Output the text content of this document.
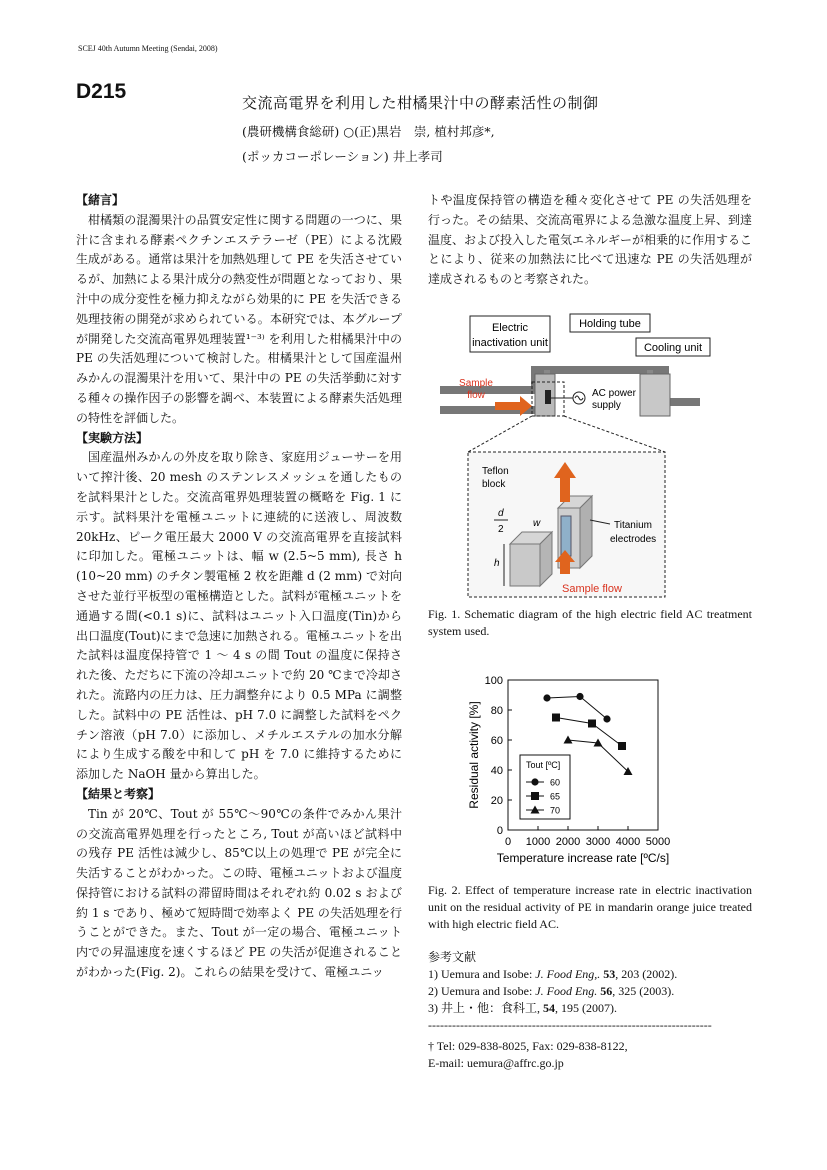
SCEJ 40th Autumn Meeting (Sendai, 2008)
D215	交流高電界を利用した柑橘果汁中の酵素活性の制御
(農研機構食総研) ○(正)黒岩　崇, 植村邦彦*,
(ポッカコーポレーション) 井上孝司

【緒言】

柑橘類の混濁果汁の品質安定性に関する問題の一つに、果汁に含まれる酵素ペクチンエステラーゼ（PE）による沈殿生成がある。通常は果汁を加熱処理して PE を失活させているが、加熱による果汁成分の熱変性が問題となっており、果汁中の成分変性を極力抑えながら効果的に PE を失活できる処理技術の開発が求められている。本研究では、本グループが開発した交流高電界処理装置¹⁻³⁾ を利用した柑橘果汁中の PE の失活処理について検討した。柑橘果汁として国産温州みかんの混濁果汁を用いて、果汁中の PE の失活挙動に対する種々の操作因子の影響を調べ、本装置による酵素失活処理の特性を評価した。

【実験方法】

国産温州みかんの外皮を取り除き、家庭用ジューサーを用いて搾汁後、20 mesh のステンレスメッシュを通したものを試料果汁とした。交流高電界処理装置の概略を Fig. 1 に示す。試料果汁を電極ユニットに連続的に送液し、周波数 20kHz、ピーク電圧最大 2000 V の交流高電界を直接試料に印加した。電極ユニットは、幅 w (2.5~5 mm), 長さ h (10~20 mm) のチタン製電極 2 枚を距離 d (2 mm) で対向させた並行平板型の電極構造とした。試料が電極ユニットを通過する間(<0.1 s)に、試料はユニット入口温度(Tin)から出口温度(Tout)にまで急速に加熱される。電極ユニットを出た試料は温度保持管で 1 ～ 4 s の間 Tout の温度に保持された後、ただちに下流の冷却ユニットで約 20 ℃まで冷却された。流路内の圧力は、圧力調整弁により 0.5 MPa に調整した。試料中の PE 活性は、pH 7.0 に調整した試料をペクチン溶液（pH 7.0）に添加し、メチルエステルの加水分解により生成する酸を中和して pH を 7.0 に維持するために添加した NaOH 量から算出した。

【結果と考察】

Tin が 20℃、Tout が 55℃～90℃の条件でみかん果汁の交流高電界処理を行ったところ, Tout が高いほど試料中の残存 PE 活性は減少し、85℃以上の処理で PE が完全に失活することがわかった。この時、電極ユニットおよび温度保持管における試料の滞留時間はそれぞれ約 0.02 s および約 1 s であり、極めて短時間で効率よく PE の失活処理を行うことができた。また、Tout が一定の場合、電極ユニット内での昇温速度を速くするほど PE の失活が促進されることがわかった(Fig. 2)。これらの結果を受けて、電極ユニッ

トや温度保持管の構造を種々変化させて PE の失活処理を行った。その結果、交流高電界による急激な温度上昇、到達温度、および投入した電気エネルギーが相乗的に作用することにより、従来の加熱法に比べて迅速な PE の失活処理が達成されるものと考察された。

Electric
inactivation unit
Holding tube
Cooling unit
Sample
flow	AC power
supply
Teflon
block
d
2
w
h
Titanium
electrodes
Sample flow
Fig. 1. Schematic diagram of the high electric field AC treatment system used.
0 1000 2000 3000 4000 5000
0
20
40
60
80
100
Temperature increase rate [ºC/s]
Residual activity [%]	Tout [ºC]
60
65
70
Fig. 2. Effect of temperature increase rate in electric inactivation unit on the residual activity of PE in mandarin orange juice treated with high electric field AC.
参考文献
1) Uemura and Isobe: J. Food Eng,. 53, 203 (2002).
2) Uemura and Isobe: J. Food Eng. 56, 325 (2003).
3) 井上・他：食科工, 54, 195 (2007).
-----------------------------------------------------------------------
† Tel: 029-838-8025, Fax: 029-838-8122,
E-mail: uemura@affrc.go.jp
